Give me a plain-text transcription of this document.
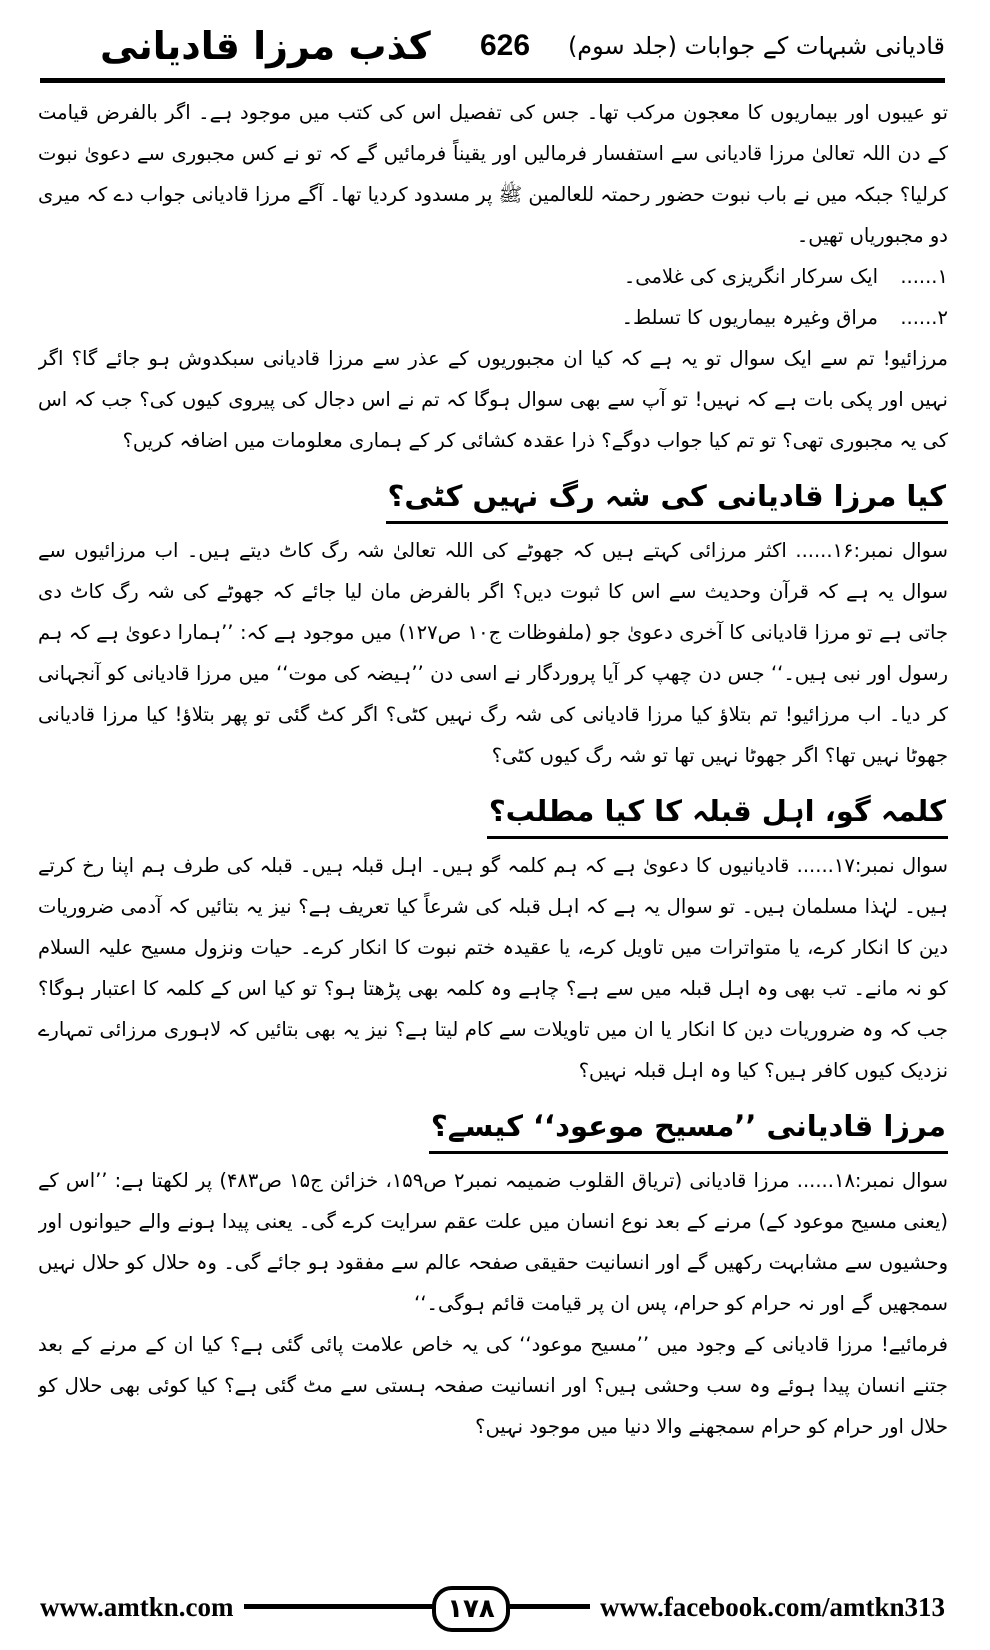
کذب مرزا قادیانی 626 قادیانی شبہات کے جوابات (جلد سوم)

تو عیبوں اور بیماریوں کا معجون مرکب تھا۔ جس کی تفصیل اس کی کتب میں موجود ہے۔ اگر بالفرض قیامت کے دن اللہ تعالیٰ مرزا قادیانی سے استفسار فرمالیں اور یقیناً فرمائیں گے کہ تو نے کس مجبوری سے دعویٰ نبوت کرلیا؟ جبکہ میں نے باب نبوت حضور رحمتہ للعالمین ﷺ پر مسدود کردیا تھا۔ آگے مرزا قادیانی جواب دے کہ میری دو مجبوریاں تھیں۔

۱......
ایک سرکار انگریزی کی غلامی۔
۲......
مراق وغیرہ بیماریوں کا تسلط۔

مرزائیو! تم سے ایک سوال تو یہ ہے کہ کیا ان مجبوریوں کے عذر سے مرزا قادیانی سبکدوش ہو جائے گا؟ اگر نہیں اور پکی بات ہے کہ نہیں! تو آپ سے بھی سوال ہوگا کہ تم نے اس دجال کی پیروی کیوں کی؟ جب کہ اس کی یہ مجبوری تھی؟ تو تم کیا جواب دوگے؟ ذرا عقدہ کشائی کر کے ہماری معلومات میں اضافہ کریں؟

کیا مرزا قادیانی کی شہ رگ نہیں کٹی؟

سوال نمبر:۱۶...... اکثر مرزائی کہتے ہیں کہ جھوٹے کی اللہ تعالیٰ شہ رگ کاٹ دیتے ہیں۔ اب مرزائیوں سے سوال یہ ہے کہ قرآن وحدیث سے اس کا ثبوت دیں؟ اگر بالفرض مان لیا جائے کہ جھوٹے کی شہ رگ کاٹ دی جاتی ہے تو مرزا قادیانی کا آخری دعویٰ جو (ملفوظات ج۱۰ ص۱۲۷) میں موجود ہے کہ: ’’ہمارا دعویٰ ہے کہ ہم رسول اور نبی ہیں۔‘‘ جس دن چھپ کر آیا پروردگار نے اسی دن ’’ہیضہ کی موت‘‘ میں مرزا قادیانی کو آنجہانی کر دیا۔ اب مرزائیو! تم بتلاؤ کیا مرزا قادیانی کی شہ رگ نہیں کٹی؟ اگر کٹ گئی تو پھر بتلاؤ! کیا مرزا قادیانی جھوٹا نہیں تھا؟ اگر جھوٹا نہیں تھا تو شہ رگ کیوں کٹی؟

کلمہ گو، اہل قبلہ کا کیا مطلب؟

سوال نمبر:۱۷...... قادیانیوں کا دعویٰ ہے کہ ہم کلمہ گو ہیں۔ اہل قبلہ ہیں۔ قبلہ کی طرف ہم اپنا رخ کرتے ہیں۔ لہٰذا مسلمان ہیں۔ تو سوال یہ ہے کہ اہل قبلہ کی شرعاً کیا تعریف ہے؟ نیز یہ بتائیں کہ آدمی ضروریات دین کا انکار کرے، یا متواترات میں تاویل کرے، یا عقیدہ ختم نبوت کا انکار کرے۔ حیات ونزول مسیح علیہ السلام کو نہ مانے۔ تب بھی وہ اہل قبلہ میں سے ہے؟ چاہے وہ کلمہ بھی پڑھتا ہو؟ تو کیا اس کے کلمہ کا اعتبار ہوگا؟ جب کہ وہ ضروریات دین کا انکار یا ان میں تاویلات سے کام لیتا ہے؟ نیز یہ بھی بتائیں کہ لاہوری مرزائی تمہارے نزدیک کیوں کافر ہیں؟ کیا وہ اہل قبلہ نہیں؟

مرزا قادیانی ’’مسیح موعود‘‘ کیسے؟

سوال نمبر:۱۸...... مرزا قادیانی (تریاق القلوب ضمیمہ نمبر۲ ص۱۵۹، خزائن ج۱۵ ص۴۸۳) پر لکھتا ہے: ’’اس کے (یعنی مسیح موعود کے) مرنے کے بعد نوع انسان میں علت عقم سرایت کرے گی۔ یعنی پیدا ہونے والے حیوانوں اور وحشیوں سے مشابہت رکھیں گے اور انسانیت حقیقی صفحہ عالم سے مفقود ہو جائے گی۔ وہ حلال کو حلال نہیں سمجھیں گے اور نہ حرام کو حرام، پس ان پر قیامت قائم ہوگی۔‘‘

فرمائیے! مرزا قادیانی کے وجود میں ’’مسیح موعود‘‘ کی یہ خاص علامت پائی گئی ہے؟ کیا ان کے مرنے کے بعد جتنے انسان پیدا ہوئے وہ سب وحشی ہیں؟ اور انسانیت صفحہ ہستی سے مٹ گئی ہے؟ کیا کوئی بھی حلال کو حلال اور حرام کو حرام سمجھنے والا دنیا میں موجود نہیں؟

www.amtkn.com	۱۷۸	www.facebook.com/amtkn313
